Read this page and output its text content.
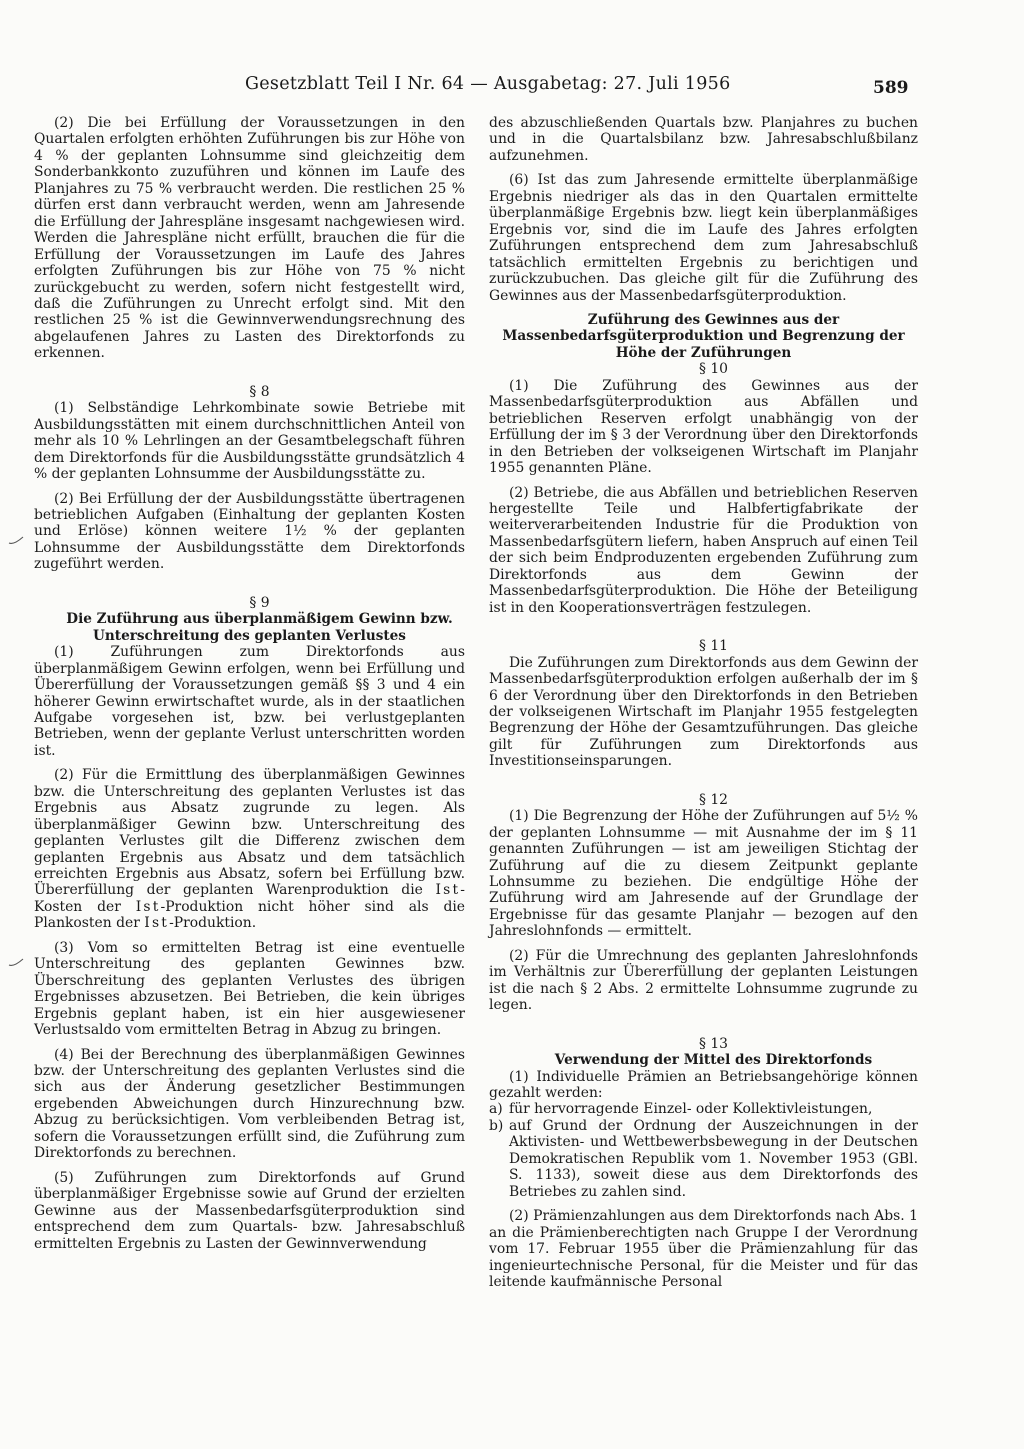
Gesetzblatt Teil I Nr. 64 — Ausgabetag: 27. Juli 1956	589

(2) Die bei Erfüllung der Voraussetzungen in den Quartalen erfolgten erhöhten Zuführungen bis zur Höhe von 4 % der geplanten Lohnsumme sind gleichzeitig dem Sonderbankkonto zuzuführen und können im Laufe des Planjahres zu 75 % verbraucht werden. Die restlichen 25 % dürfen erst dann verbraucht werden, wenn am Jahresende die Erfüllung der Jahrespläne insgesamt nachgewiesen wird. Werden die Jahrespläne nicht erfüllt, brauchen die für die Erfüllung der Voraussetzungen im Laufe des Jahres erfolgten Zuführungen bis zur Höhe von 75 % nicht zurückgebucht zu werden, sofern nicht festgestellt wird, daß die Zuführungen zu Unrecht erfolgt sind. Mit den restlichen 25 % ist die Gewinnverwendungsrechnung des abgelaufenen Jahres zu Lasten des Direktorfonds zu erkennen.

§ 8

(1) Selbständige Lehrkombinate sowie Betriebe mit Ausbildungsstätten mit einem durchschnittlichen Anteil von mehr als 10 % Lehrlingen an der Gesamtbelegschaft führen dem Direktorfonds für die Ausbildungsstätte grundsätzlich 4 % der geplanten Lohnsumme der Ausbildungsstätte zu.

(2) Bei Erfüllung der der Ausbildungsstätte übertragenen betrieblichen Aufgaben (Einhaltung der geplanten Kosten und Erlöse) können weitere 1½ % der geplanten Lohnsumme der Ausbildungsstätte dem Direktorfonds zugeführt werden.

§ 9

Die Zuführung aus überplanmäßigem Gewinn bzw. Unterschreitung des geplanten Verlustes

(1) Zuführungen zum Direktorfonds aus überplanmäßigem Gewinn erfolgen, wenn bei Erfüllung und Übererfüllung der Voraussetzungen gemäß §§ 3 und 4 ein höherer Gewinn erwirtschaftet wurde, als in der staatlichen Aufgabe vorgesehen ist, bzw. bei verlustgeplanten Betrieben, wenn der geplante Verlust unterschritten worden ist.

(2) Für die Ermittlung des überplanmäßigen Gewinnes bzw. die Unterschreitung des geplanten Verlustes ist das Ergebnis aus Absatz zugrunde zu legen. Als überplanmäßiger Gewinn bzw. Unterschreitung des geplanten Verlustes gilt die Differenz zwischen dem geplanten Ergebnis aus Absatz und dem tatsächlich erreichten Ergebnis aus Absatz, sofern bei Erfüllung bzw. Übererfüllung der geplanten Warenproduktion die Ist-Kosten der Ist-Produktion nicht höher sind als die Plankosten der Ist-Produktion.

(3) Vom so ermittelten Betrag ist eine eventuelle Unterschreitung des geplanten Gewinnes bzw. Überschreitung des geplanten Verlustes des übrigen Ergebnisses abzusetzen. Bei Betrieben, die kein übriges Ergebnis geplant haben, ist ein hier ausgewiesener Verlustsaldo vom ermittelten Betrag in Abzug zu bringen.

(4) Bei der Berechnung des überplanmäßigen Gewinnes bzw. der Unterschreitung des geplanten Verlustes sind die sich aus der Änderung gesetzlicher Bestimmungen ergebenden Abweichungen durch Hinzurechnung bzw. Abzug zu berücksichtigen. Vom verbleibenden Betrag ist, sofern die Voraussetzungen erfüllt sind, die Zuführung zum Direktorfonds zu berechnen.

(5) Zuführungen zum Direktorfonds auf Grund überplanmäßiger Ergebnisse sowie auf Grund der erzielten Gewinne aus der Massenbedarfsgüterproduktion sind entsprechend dem zum Quartals- bzw. Jahresabschluß ermittelten Ergebnis zu Lasten der Gewinnverwendung

des abzuschließenden Quartals bzw. Planjahres zu buchen und in die Quartalsbilanz bzw. Jahresabschlußbilanz aufzunehmen.

(6) Ist das zum Jahresende ermittelte überplanmäßige Ergebnis niedriger als das in den Quartalen ermittelte überplanmäßige Ergebnis bzw. liegt kein überplanmäßiges Ergebnis vor, sind die im Laufe des Jahres erfolgten Zuführungen entsprechend dem zum Jahresabschluß tatsächlich ermittelten Ergebnis zu berichtigen und zurückzubuchen. Das gleiche gilt für die Zuführung des Gewinnes aus der Massenbedarfsgüterproduktion.

Zuführung des Gewinnes aus der Massenbedarfsgüterproduktion und Begrenzung der Höhe der Zuführungen

§ 10

(1) Die Zuführung des Gewinnes aus der Massenbedarfsgüterproduktion aus Abfällen und betrieblichen Reserven erfolgt unabhängig von der Erfüllung der im § 3 der Verordnung über den Direktorfonds in den Betrieben der volkseigenen Wirtschaft im Planjahr 1955 genannten Pläne.

(2) Betriebe, die aus Abfällen und betrieblichen Reserven hergestellte Teile und Halbfertigfabrikate der weiterverarbeitenden Industrie für die Produktion von Massenbedarfsgütern liefern, haben Anspruch auf einen Teil der sich beim Endproduzenten ergebenden Zuführung zum Direktorfonds aus dem Gewinn der Massenbedarfsgüterproduktion. Die Höhe der Beteiligung ist in den Kooperationsverträgen festzulegen.

§ 11

Die Zuführungen zum Direktorfonds aus dem Gewinn der Massenbedarfsgüterproduktion erfolgen außerhalb der im § 6 der Verordnung über den Direktorfonds in den Betrieben der volkseigenen Wirtschaft im Planjahr 1955 festgelegten Begrenzung der Höhe der Gesamtzuführungen. Das gleiche gilt für Zuführungen zum Direktorfonds aus Investitionseinsparungen.

§ 12

(1) Die Begrenzung der Höhe der Zuführungen auf 5½ % der geplanten Lohnsumme — mit Ausnahme der im § 11 genannten Zuführungen — ist am jeweiligen Stichtag der Zuführung auf die zu diesem Zeitpunkt geplante Lohnsumme zu beziehen. Die endgültige Höhe der Zuführung wird am Jahresende auf der Grundlage der Ergebnisse für das gesamte Planjahr — bezogen auf den Jahreslohnfonds — ermittelt.

(2) Für die Umrechnung des geplanten Jahreslohnfonds im Verhältnis zur Übererfüllung der geplanten Leistungen ist die nach § 2 Abs. 2 ermittelte Lohnsumme zugrunde zu legen.

§ 13

Verwendung der Mittel des Direktorfonds

(1) Individuelle Prämien an Betriebsangehörige können gezahlt werden:

a) für hervorragende Einzel- oder Kollektivleistungen,
b) auf Grund der Ordnung der Auszeichnungen in der Aktivisten- und Wettbewerbsbewegung in der Deutschen Demokratischen Republik vom 1. November 1953 (GBl. S. 1133), soweit diese aus dem Direktorfonds des Betriebes zu zahlen sind.

(2) Prämienzahlungen aus dem Direktorfonds nach Abs. 1 an die Prämienberechtigten nach Gruppe I der Verordnung vom 17. Februar 1955 über die Prämienzahlung für das ingenieurtechnische Personal, für die Meister und für das leitende kaufmännische Personal
